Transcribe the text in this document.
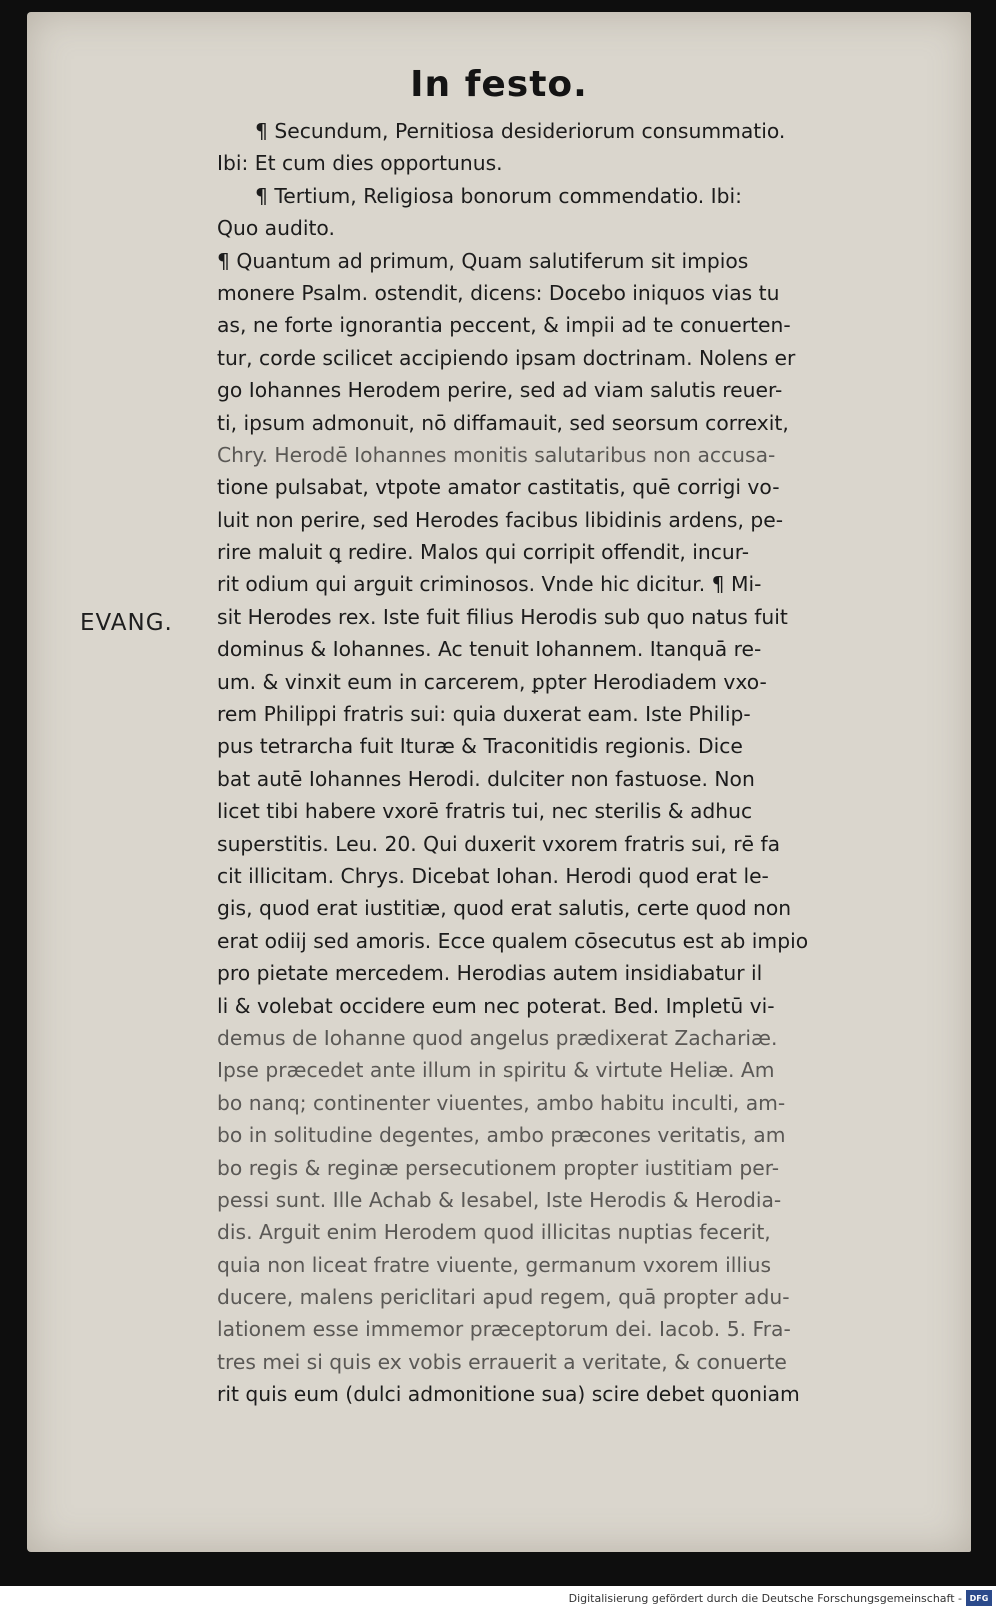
In festo.
EVANG.
¶ Secundum, Pernitiosa desideriorum consummatio.
Ibi: Et cum dies opportunus.
¶ Tertium, Religiosa bonorum commendatio. Ibi:
Quo audito.
¶ Quantum ad primum, Quam salutiferum sit impios
monere Psalm. ostendit, dicens: Docebo iniquos vias tu
as, ne forte ignorantia peccent, & impii ad te conuerten-
tur, corde scilicet accipiendo ipsam doctrinam. Nolens er
go Iohannes Herodem perire, sed ad viam salutis reuer-
ti, ipsum admonuit, nō diffamauit, sed seorsum correxit,
Chry. Herodē Iohannes monitis salutaribus non accusa-
tione pulsabat, vtpote amator castitatis, quē corrigi vo-
luit non perire, sed Herodes facibus libidinis ardens, pe-
rire maluit ꝗ redire. Malos qui corripit offendit, incur-
rit odium qui arguit criminosos. Vnde hic dicitur. ¶ Mi-
sit Herodes rex. Iste fuit filius Herodis sub quo natus fuit
dominus & Iohannes. Ac tenuit Iohannem. Itanquā re-
um. & vinxit eum in carcerem, ꝑpter Herodiadem vxo-
rem Philippi fratris sui: quia duxerat eam. Iste Philip-
pus tetrarcha fuit Ituræ & Traconitidis regionis. Dice
bat autē Iohannes Herodi. dulciter non fastuose. Non
licet tibi habere vxorē fratris tui, nec sterilis & adhuc
superstitis. Leu. 20. Qui duxerit vxorem fratris sui, rē fa
cit illicitam. Chrys. Dicebat Iohan. Herodi quod erat le-
gis, quod erat iustitiæ, quod erat salutis, certe quod non
erat odiĳ sed amoris. Ecce qualem cōsecutus est ab impio
pro pietate mercedem. Herodias autem insidiabatur il
li & volebat occidere eum nec poterat. Bed. Impletū vi-
demus de Iohanne quod angelus prædixerat Zachariæ.
Ipse præcedet ante illum in spiritu & virtute Heliæ. Am
bo nanq; continenter viuentes, ambo habitu inculti, am-
bo in solitudine degentes, ambo præcones veritatis, am
bo regis & reginæ persecutionem propter iustitiam per-
pessi sunt. Ille Achab & Iesabel, Iste Herodis & Herodia-
dis. Arguit enim Herodem quod illicitas nuptias fecerit,
quia non liceat fratre viuente, germanum vxorem illius
ducere, malens periclitari apud regem, quā propter adu-
lationem esse immemor præceptorum dei. Iacob. 5. Fra-
tres mei si quis ex vobis errauerit a veritate, & conuerte
rit quis eum (dulci admonitione sua) scire debet quoniam
Digitalisierung gefördert durch die Deutsche Forschungsgemeinschaft - DFG
